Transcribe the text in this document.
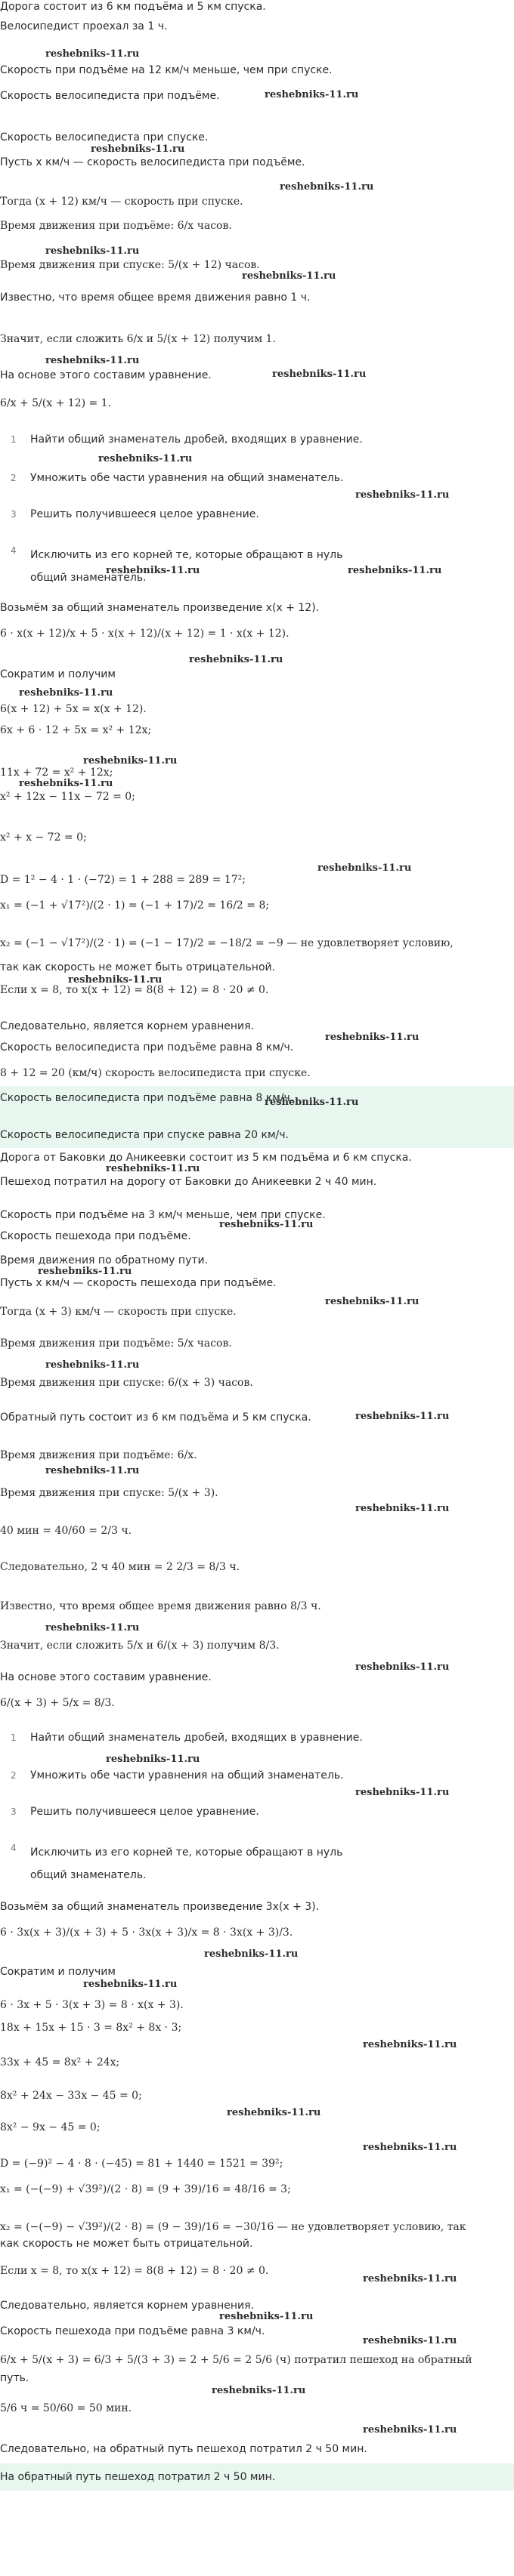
Дорога состоит из 6 км подъёма и 5 км спуска.
Велосипедист проехал за 1 ч.
Скорость при подъёме на 12 км/ч меньше, чем при спуске.
Скорость велосипедиста при подъёме.
Скорость велосипедиста при спуске.
Пусть x км/ч — скорость велосипедиста при подъёме.
Тогда (x + 12) км/ч — скорость при спуске.
Время движения при подъёме: 6/x часов.
Время движения при спуске: 5/(x + 12) часов.
Известно, что время общее время движения равно 1 ч.
Значит, если сложить 6/x и 5/(x + 12) получим 1.
На основе этого составим уравнение.
6/x + 5/(x + 12) = 1.
1 Найти общий знаменатель дробей, входящих в уравнение.
2 Умножить обе части уравнения на общий знаменатель.
3 Решить получившееся целое уравнение.
4 Исключить из его корней те, которые обращают в нуль общий знаменатель.
Возьмём за общий знаменатель произведение x(x + 12).
6 · x(x + 12)/x + 5 · x(x + 12)/(x + 12) = 1 · x(x + 12).
Сократим и получим
6(x + 12) + 5x = x(x + 12).
6x + 6 · 12 + 5x = x² + 12x;
11x + 72 = x² + 12x;
x² + 12x − 11x − 72 = 0;
x² + x − 72 = 0;
D = 1² − 4 · 1 · (−72) = 1 + 288 = 289 = 17²;
x₁ = (−1 + √17²)/(2 · 1) = (−1 + 17)/2 = 16/2 = 8;
x₂ = (−1 − √17²)/(2 · 1) = (−1 − 17)/2 = −18/2 = −9 — не удовлетворяет условию,
так как скорость не может быть отрицательной.
Если x = 8, то x(x + 12) = 8(8 + 12) = 8 · 20 ≠ 0.
Следовательно, является корнем уравнения.
Скорость велосипедиста при подъёме равна 8 км/ч.
8 + 12 = 20 (км/ч) скорость велосипедиста при спуске.
Скорость велосипедиста при подъёме равна 8 км/ч.
Скорость велосипедиста при спуске равна 20 км/ч.
Дорога от Баковки до Аникеевки состоит из 5 км подъёма и 6 км спуска.
Пешеход потратил на дорогу от Баковки до Аникеевки 2 ч 40 мин.
Скорость при подъёме на 3 км/ч меньше, чем при спуске.
Скорость пешехода при подъёме.
Время движения по обратному пути.
Пусть x км/ч — скорость пешехода при подъёме.
Тогда (x + 3) км/ч — скорость при спуске.
Время движения при подъёме: 5/x часов.
Время движения при спуске: 6/(x + 3) часов.
Обратный путь состоит из 6 км подъёма и 5 км спуска.
Время движения при подъёме: 6/x.
Время движения при спуске: 5/(x + 3).
40 мин = 40/60 = 2/3 ч.
Следовательно, 2 ч 40 мин = 2 2/3 = 8/3 ч.
Известно, что время общее время движения равно 8/3 ч.
Значит, если сложить 5/x и 6/(x + 3) получим 8/3.
На основе этого составим уравнение.
6/(x + 3) + 5/x = 8/3.
1 Найти общий знаменатель дробей, входящих в уравнение.
2 Умножить обе части уравнения на общий знаменатель.
3 Решить получившееся целое уравнение.
4 Исключить из его корней те, которые обращают в нуль общий знаменатель.
Возьмём за общий знаменатель произведение 3x(x + 3).
6 · 3x(x + 3)/(x + 3) + 5 · 3x(x + 3)/x = 8 · 3x(x + 3)/3.
Сократим и получим
6 · 3x + 5 · 3(x + 3) = 8 · x(x + 3).
18x + 15x + 15 · 3 = 8x² + 8x · 3;
33x + 45 = 8x² + 24x;
8x² + 24x − 33x − 45 = 0;
8x² − 9x − 45 = 0;
D = (−9)² − 4 · 8 · (−45) = 81 + 1440 = 1521 = 39²;
x₁ = (−(−9) + √39²)/(2 · 8) = (9 + 39)/16 = 48/16 = 3;
x₂ = (−(−9) − √39²)/(2 · 8) = (9 − 39)/16 = −30/16 — не удовлетворяет условию, так
как скорость не может быть отрицательной.
Если x = 8, то x(x + 12) = 8(8 + 12) = 8 · 20 ≠ 0.
Следовательно, является корнем уравнения.
Скорость пешехода при подъёме равна 3 км/ч.
6/x + 5/(x + 3) = 6/3 + 5/(3 + 3) = 2 + 5/6 = 2 5/6 (ч) потратил пешеход на обратный
путь.
5/6 ч = 50/60 = 50 мин.
Следовательно, на обратный путь пешеход потратил 2 ч 50 мин.
На обратный путь пешеход потратил 2 ч 50 мин.
reshebniks-11.ru
reshebniks-11.ru
reshebniks-11.ru
reshebniks-11.ru
reshebniks-11.ru
reshebniks-11.ru
reshebniks-11.ru
reshebniks-11.ru
reshebniks-11.ru
reshebniks-11.ru
reshebniks-11.ru	reshebniks-11.ru
reshebniks-11.ru
reshebniks-11.ru
reshebniks-11.ru
reshebniks-11.ru
reshebniks-11.ru
reshebniks-11.ru
reshebniks-11.ru
reshebniks-11.ru
reshebniks-11.ru
reshebniks-11.ru
reshebniks-11.ru
reshebniks-11.ru
reshebniks-11.ru
reshebniks-11.ru
reshebniks-11.ru
reshebniks-11.ru
reshebniks-11.ru
reshebniks-11.ru
reshebniks-11.ru
reshebniks-11.ru
reshebniks-11.ru
reshebniks-11.ru
reshebniks-11.ru
reshebniks-11.ru
reshebniks-11.ru
reshebniks-11.ru
reshebniks-11.ru
reshebniks-11.ru
reshebniks-11.ru
reshebniks-11.ru
